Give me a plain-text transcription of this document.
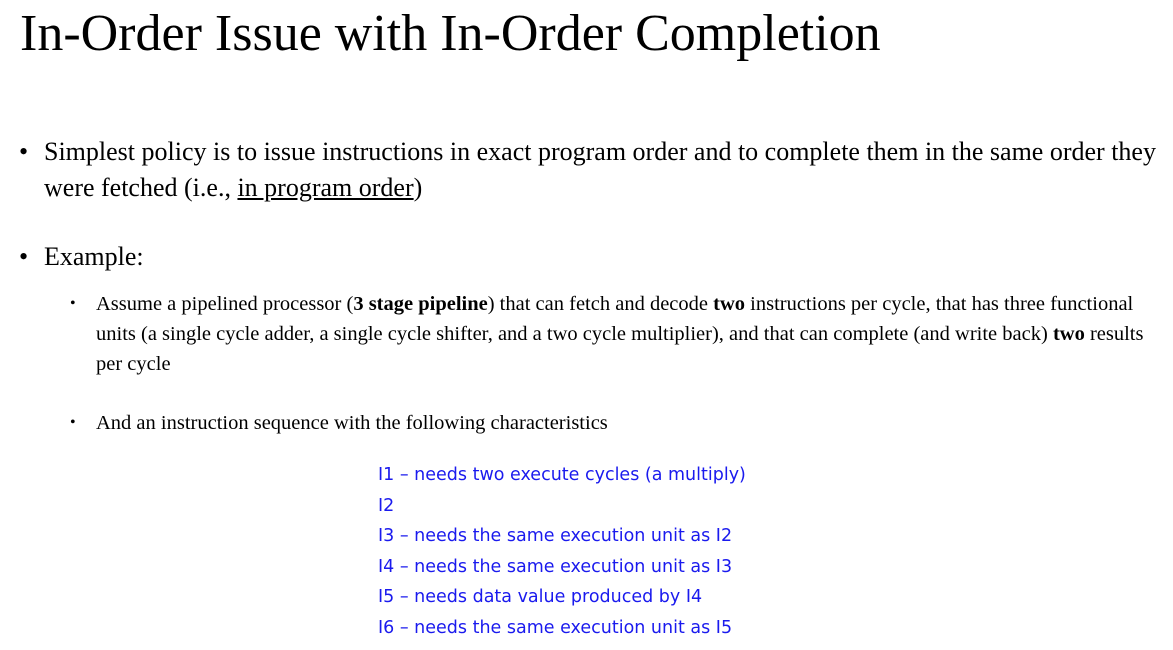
In-Order Issue with In-Order Completion
• Simplest policy is to issue instructions in exact program order and to complete them in the same order they were fetched (i.e., in program order)
• Example:
• Assume a pipelined processor (3 stage pipeline) that can fetch and decode two instructions per cycle, that has three functional units (a single cycle adder, a single cycle shifter, and a two cycle multiplier), and that can complete (and write back) two results per cycle
• And an instruction sequence with the following characteristics
I1 – needs two execute cycles (a multiply)
I2
I3 – needs the same execution unit as I2
I4 – needs the same execution unit as I3
I5 – needs data value produced by I4
I6 – needs the same execution unit as I5
